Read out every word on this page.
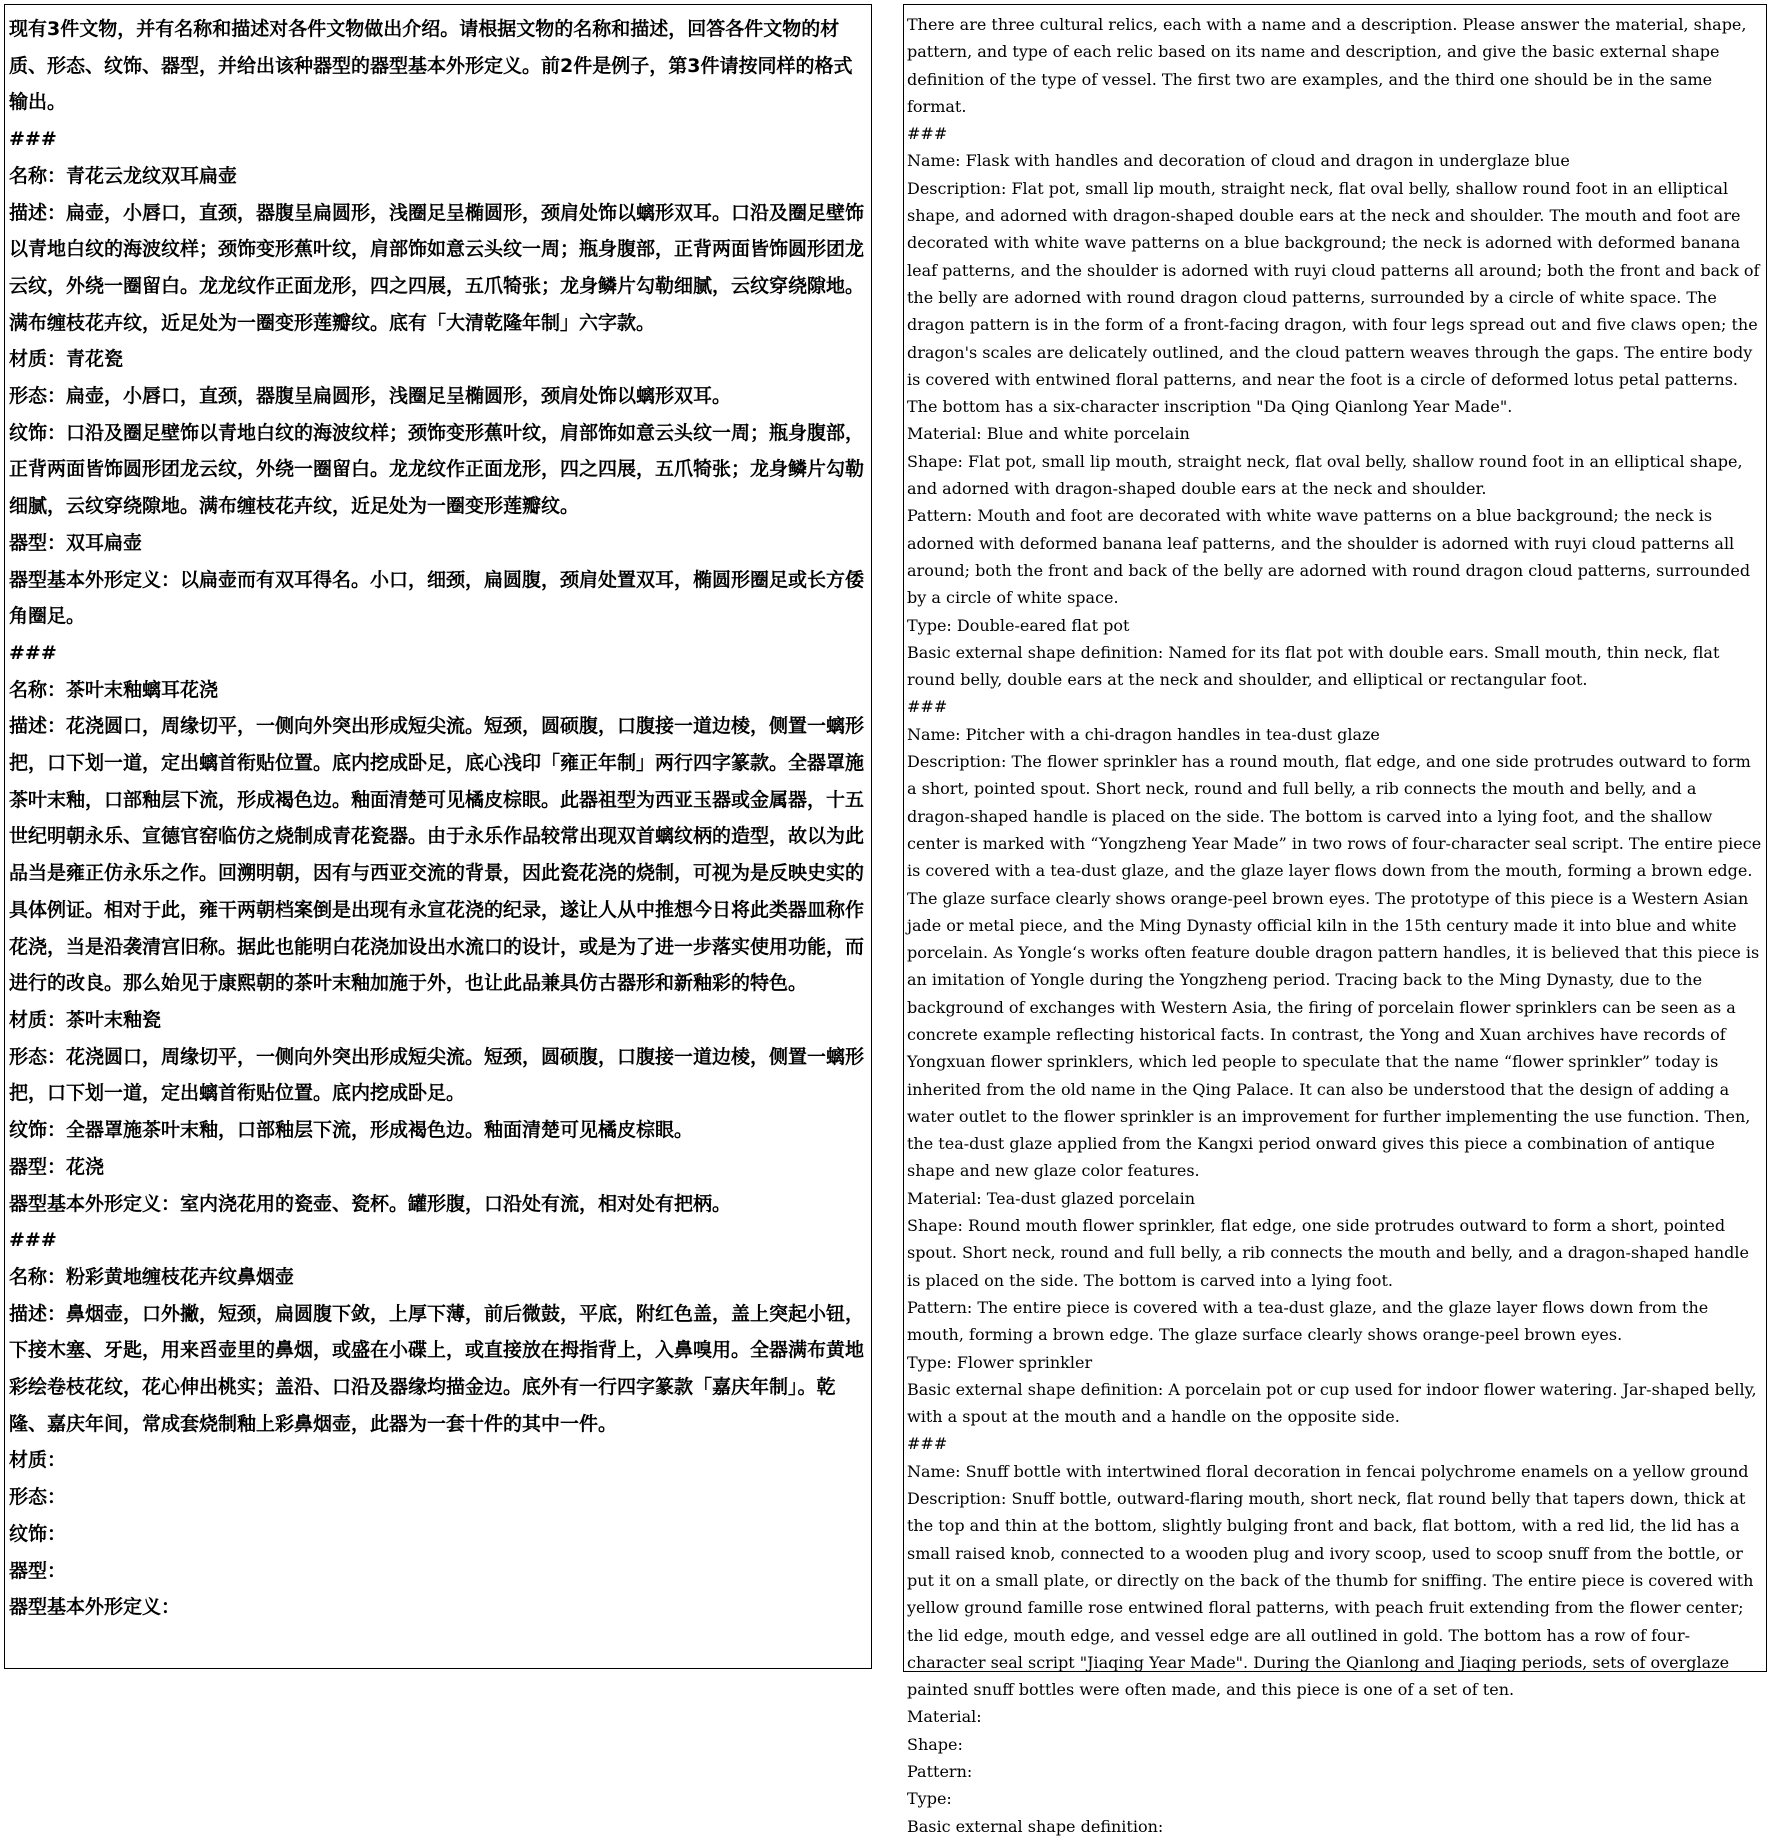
现有3件文物，并有名称和描述对各件文物做出介绍。请根据文物的名称和描述，回答各件文物的材质、形态、纹饰、器型，并给出该种器型的器型基本外形定义。前2件是例子，第3件请按同样的格式输出。

###

名称：青花云龙纹双耳扁壶

描述：扁壶，小唇口，直颈，器腹呈扁圆形，浅圈足呈椭圆形，颈肩处饰以螭形双耳。口沿及圈足壁饰以青地白纹的海波纹样；颈饰变形蕉叶纹，肩部饰如意云头纹一周；瓶身腹部，正背两面皆饰圆形团龙云纹，外绕一圈留白。龙龙纹作正面龙形，四之四展，五爪犄张；龙身鳞片勾勒细腻，云纹穿绕隙地。满布缠枝花卉纹，近足处为一圈变形莲瓣纹。底有「大清乾隆年制」六字款。

材质：青花瓷

形态：扁壶，小唇口，直颈，器腹呈扁圆形，浅圈足呈椭圆形，颈肩处饰以螭形双耳。

纹饰：口沿及圈足壁饰以青地白纹的海波纹样；颈饰变形蕉叶纹，肩部饰如意云头纹一周；瓶身腹部，正背两面皆饰圆形团龙云纹，外绕一圈留白。龙龙纹作正面龙形，四之四展，五爪犄张；龙身鳞片勾勒细腻，云纹穿绕隙地。满布缠枝花卉纹，近足处为一圈变形莲瓣纹。

器型：双耳扁壶

器型基本外形定义：以扁壶而有双耳得名。小口，细颈，扁圆腹，颈肩处置双耳，椭圆形圈足或长方倭角圈足。

###

名称：茶叶末釉螭耳花浇

描述：花浇圆口，周缘切平，一侧向外突出形成短尖流。短颈，圆硕腹，口腹接一道边棱，侧置一螭形把，口下划一道，定出螭首衔贴位置。底内挖成卧足，底心浅印「雍正年制」两行四字篆款。全器罩施茶叶末釉，口部釉层下流，形成褐色边。釉面清楚可见橘皮棕眼。此器祖型为西亚玉器或金属器，十五世纪明朝永乐、宣德官窑临仿之烧制成青花瓷器。由于永乐作品较常出现双首螭纹柄的造型，故以为此品当是雍正仿永乐之作。回溯明朝，因有与西亚交流的背景，因此瓷花浇的烧制，可视为是反映史实的具体例证。相对于此，雍干两朝档案倒是出现有永宣花浇的纪录，遂让人从中推想今日将此类器皿称作花浇，当是沿袭清宫旧称。据此也能明白花浇加设出水流口的设计，或是为了进一步落实使用功能，而进行的改良。那么始见于康熙朝的茶叶末釉加施于外，也让此品兼具仿古器形和新釉彩的特色。

材质：茶叶末釉瓷

形态：花浇圆口，周缘切平，一侧向外突出形成短尖流。短颈，圆硕腹，口腹接一道边棱，侧置一螭形把，口下划一道，定出螭首衔贴位置。底内挖成卧足。

纹饰：全器罩施茶叶末釉，口部釉层下流，形成褐色边。釉面清楚可见橘皮棕眼。

器型：花浇

器型基本外形定义：室内浇花用的瓷壶、瓷杯。罐形腹，口沿处有流，相对处有把柄。

###

名称：粉彩黄地缠枝花卉纹鼻烟壶

描述：鼻烟壶，口外撇，短颈，扁圆腹下敛，上厚下薄，前后微鼓，平底，附红色盖，盖上突起小钮，下接木塞、牙匙，用来舀壶里的鼻烟，或盛在小碟上，或直接放在拇指背上，入鼻嗅用。全器满布黄地彩绘卷枝花纹，花心伸出桃实；盖沿、口沿及器缘均描金边。底外有一行四字篆款「嘉庆年制」。乾隆、嘉庆年间，常成套烧制釉上彩鼻烟壶，此器为一套十件的其中一件。

材质：

形态：

纹饰：

器型：

器型基本外形定义：

There are three cultural relics, each with a name and a description. Please answer the material, shape, pattern, and type of each relic based on its name and description, and give the basic external shape definition of the type of vessel. The first two are examples, and the third one should be in the same format.

###

Name: Flask with handles and decoration of cloud and dragon in underglaze blue

Description: Flat pot, small lip mouth, straight neck, flat oval belly, shallow round foot in an elliptical shape, and adorned with dragon-shaped double ears at the neck and shoulder. The mouth and foot are decorated with white wave patterns on a blue background; the neck is adorned with deformed banana leaf patterns, and the shoulder is adorned with ruyi cloud patterns all around; both the front and back of the belly are adorned with round dragon cloud patterns, surrounded by a circle of white space. The dragon pattern is in the form of a front-facing dragon, with four legs spread out and five claws open; the dragon's scales are delicately outlined, and the cloud pattern weaves through the gaps. The entire body is covered with entwined floral patterns, and near the foot is a circle of deformed lotus petal patterns. The bottom has a six-character inscription "Da Qing Qianlong Year Made".

Material: Blue and white porcelain

Shape: Flat pot, small lip mouth, straight neck, flat oval belly, shallow round foot in an elliptical shape, and adorned with dragon-shaped double ears at the neck and shoulder.

Pattern: Mouth and foot are decorated with white wave patterns on a blue background; the neck is adorned with deformed banana leaf patterns, and the shoulder is adorned with ruyi cloud patterns all around; both the front and back of the belly are adorned with round dragon cloud patterns, surrounded by a circle of white space.

Type: Double-eared flat pot

Basic external shape definition: Named for its flat pot with double ears. Small mouth, thin neck, flat round belly, double ears at the neck and shoulder, and elliptical or rectangular foot.

###

Name: Pitcher with a chi-dragon handles in tea-dust glaze

Description: The flower sprinkler has a round mouth, flat edge, and one side protrudes outward to form a short, pointed spout. Short neck, round and full belly, a rib connects the mouth and belly, and a dragon-shaped handle is placed on the side. The bottom is carved into a lying foot, and the shallow center is marked with “Yongzheng Year Made” in two rows of four-character seal script. The entire piece is covered with a tea-dust glaze, and the glaze layer flows down from the mouth, forming a brown edge. The glaze surface clearly shows orange-peel brown eyes. The prototype of this piece is a Western Asian jade or metal piece, and the Ming Dynasty official kiln in the 15th century made it into blue and white porcelain. As Yongle‘s works often feature double dragon pattern handles, it is believed that this piece is an imitation of Yongle during the Yongzheng period. Tracing back to the Ming Dynasty, due to the background of exchanges with Western Asia, the firing of porcelain flower sprinklers can be seen as a concrete example reflecting historical facts. In contrast, the Yong and Xuan archives have records of Yongxuan flower sprinklers, which led people to speculate that the name “flower sprinkler” today is inherited from the old name in the Qing Palace. It can also be understood that the design of adding a water outlet to the flower sprinkler is an improvement for further implementing the use function. Then, the tea-dust glaze applied from the Kangxi period onward gives this piece a combination of antique shape and new glaze color features.

Material: Tea-dust glazed porcelain

Shape: Round mouth flower sprinkler, flat edge, one side protrudes outward to form a short, pointed spout. Short neck, round and full belly, a rib connects the mouth and belly, and a dragon-shaped handle is placed on the side. The bottom is carved into a lying foot.

Pattern: The entire piece is covered with a tea-dust glaze, and the glaze layer flows down from the mouth, forming a brown edge. The glaze surface clearly shows orange-peel brown eyes.

Type: Flower sprinkler

Basic external shape definition: A porcelain pot or cup used for indoor flower watering. Jar-shaped belly, with a spout at the mouth and a handle on the opposite side.

###

Name: Snuff bottle with intertwined floral decoration in fencai polychrome enamels on a yellow ground

Description: Snuff bottle, outward-flaring mouth, short neck, flat round belly that tapers down, thick at the top and thin at the bottom, slightly bulging front and back, flat bottom, with a red lid, the lid has a small raised knob, connected to a wooden plug and ivory scoop, used to scoop snuff from the bottle, or put it on a small plate, or directly on the back of the thumb for sniffing. The entire piece is covered with yellow ground famille rose entwined floral patterns, with peach fruit extending from the flower center; the lid edge, mouth edge, and vessel edge are all outlined in gold. The bottom has a row of four-character seal script "Jiaqing Year Made". During the Qianlong and Jiaqing periods, sets of overglaze painted snuff bottles were often made, and this piece is one of a set of ten.

Material:

Shape:

Pattern:

Type:

Basic external shape definition:
